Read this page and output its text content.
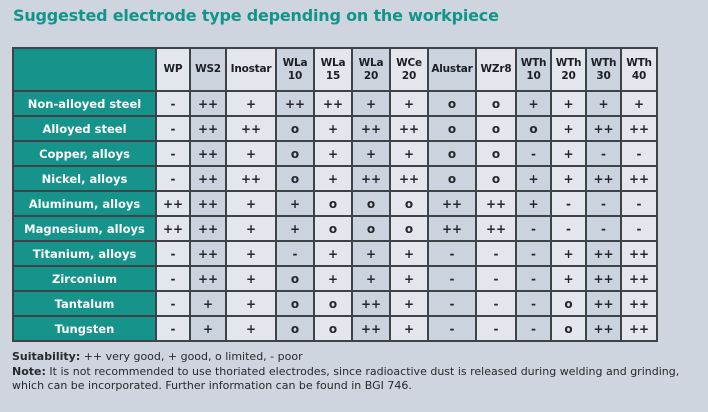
Suggested electrode type depending on the workpiece
	WP	WS2	Inostar	WLa 10	WLa 15	WLa 20	WCe 20	Alustar	WZr8	WTh 10	WTh 20	WTh 30	WTh 40
Non-alloyed steel	-	++	+	++	++	+	+	o	o	+	+	+	+
Alloyed steel	-	++	++	o	+	++	++	o	o	o	+	++	++
Copper, alloys	-	++	+	o	+	+	+	o	o	-	+	-	-
Nickel, alloys	-	++	++	o	+	++	++	o	o	+	+	++	++
Aluminum, alloys	++	++	+	+	o	o	o	++	++	+	-	-	-
Magnesium, alloys	++	++	+	+	o	o	o	++	++	-	-	-	-
Titanium, alloys	-	++	+	-	+	+	+	-	-	-	+	++	++
Zirconium	-	++	+	o	+	+	+	-	-	-	+	++	++
Tantalum	-	+	+	o	o	++	+	-	-	-	o	++	++
Tungsten	-	+	+	o	o	++	+	-	-	-	o	++	++
Suitability: ++ very good, + good, o limited, - poor
Note: It is not recommended to use thoriated electrodes, since radioactive dust is released during welding and grinding, which can be incorporated. Further information can be found in BGI 746.
